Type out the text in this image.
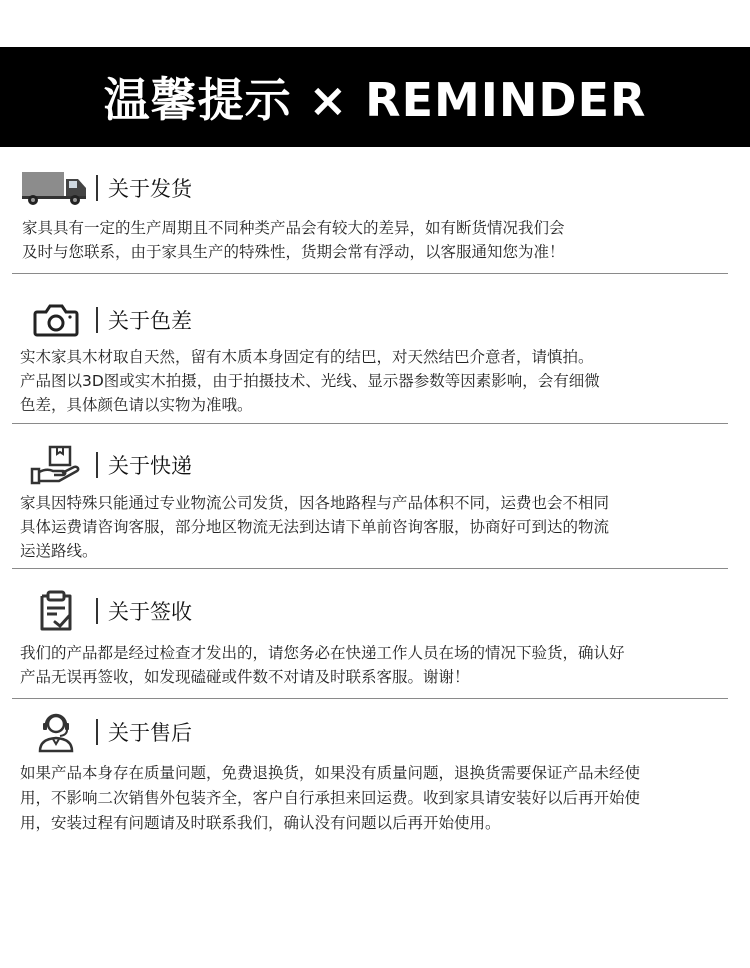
温馨提示 × REMINDER
关于发货

家具具有一定的生产周期且不同种类产品会有较大的差异，如有断货情况我们会

及时与您联系，由于家具生产的特殊性，货期会常有浮动，以客服通知您为准！

关于色差

实木家具木材取自天然，留有木质本身固定有的结巴，对天然结巴介意者，请慎拍。

产品图以3D图或实木拍摄，由于拍摄技术、光线、显示器参数等因素影响，会有细微

色差，具体颜色请以实物为准哦。

关于快递

家具因特殊只能通过专业物流公司发货，因各地路程与产品体积不同，运费也会不相同

具体运费请咨询客服，部分地区物流无法到达请下单前咨询客服，协商好可到达的物流

运送路线。

关于签收

我们的产品都是经过检查才发出的，请您务必在快递工作人员在场的情况下验货，确认好

产品无误再签收，如发现磕碰或件数不对请及时联系客服。谢谢！

关于售后

如果产品本身存在质量问题，免费退换货，如果没有质量问题，退换货需要保证产品未经使

用，不影响二次销售外包装齐全，客户自行承担来回运费。收到家具请安装好以后再开始使

用，安装过程有问题请及时联系我们，确认没有问题以后再开始使用。
